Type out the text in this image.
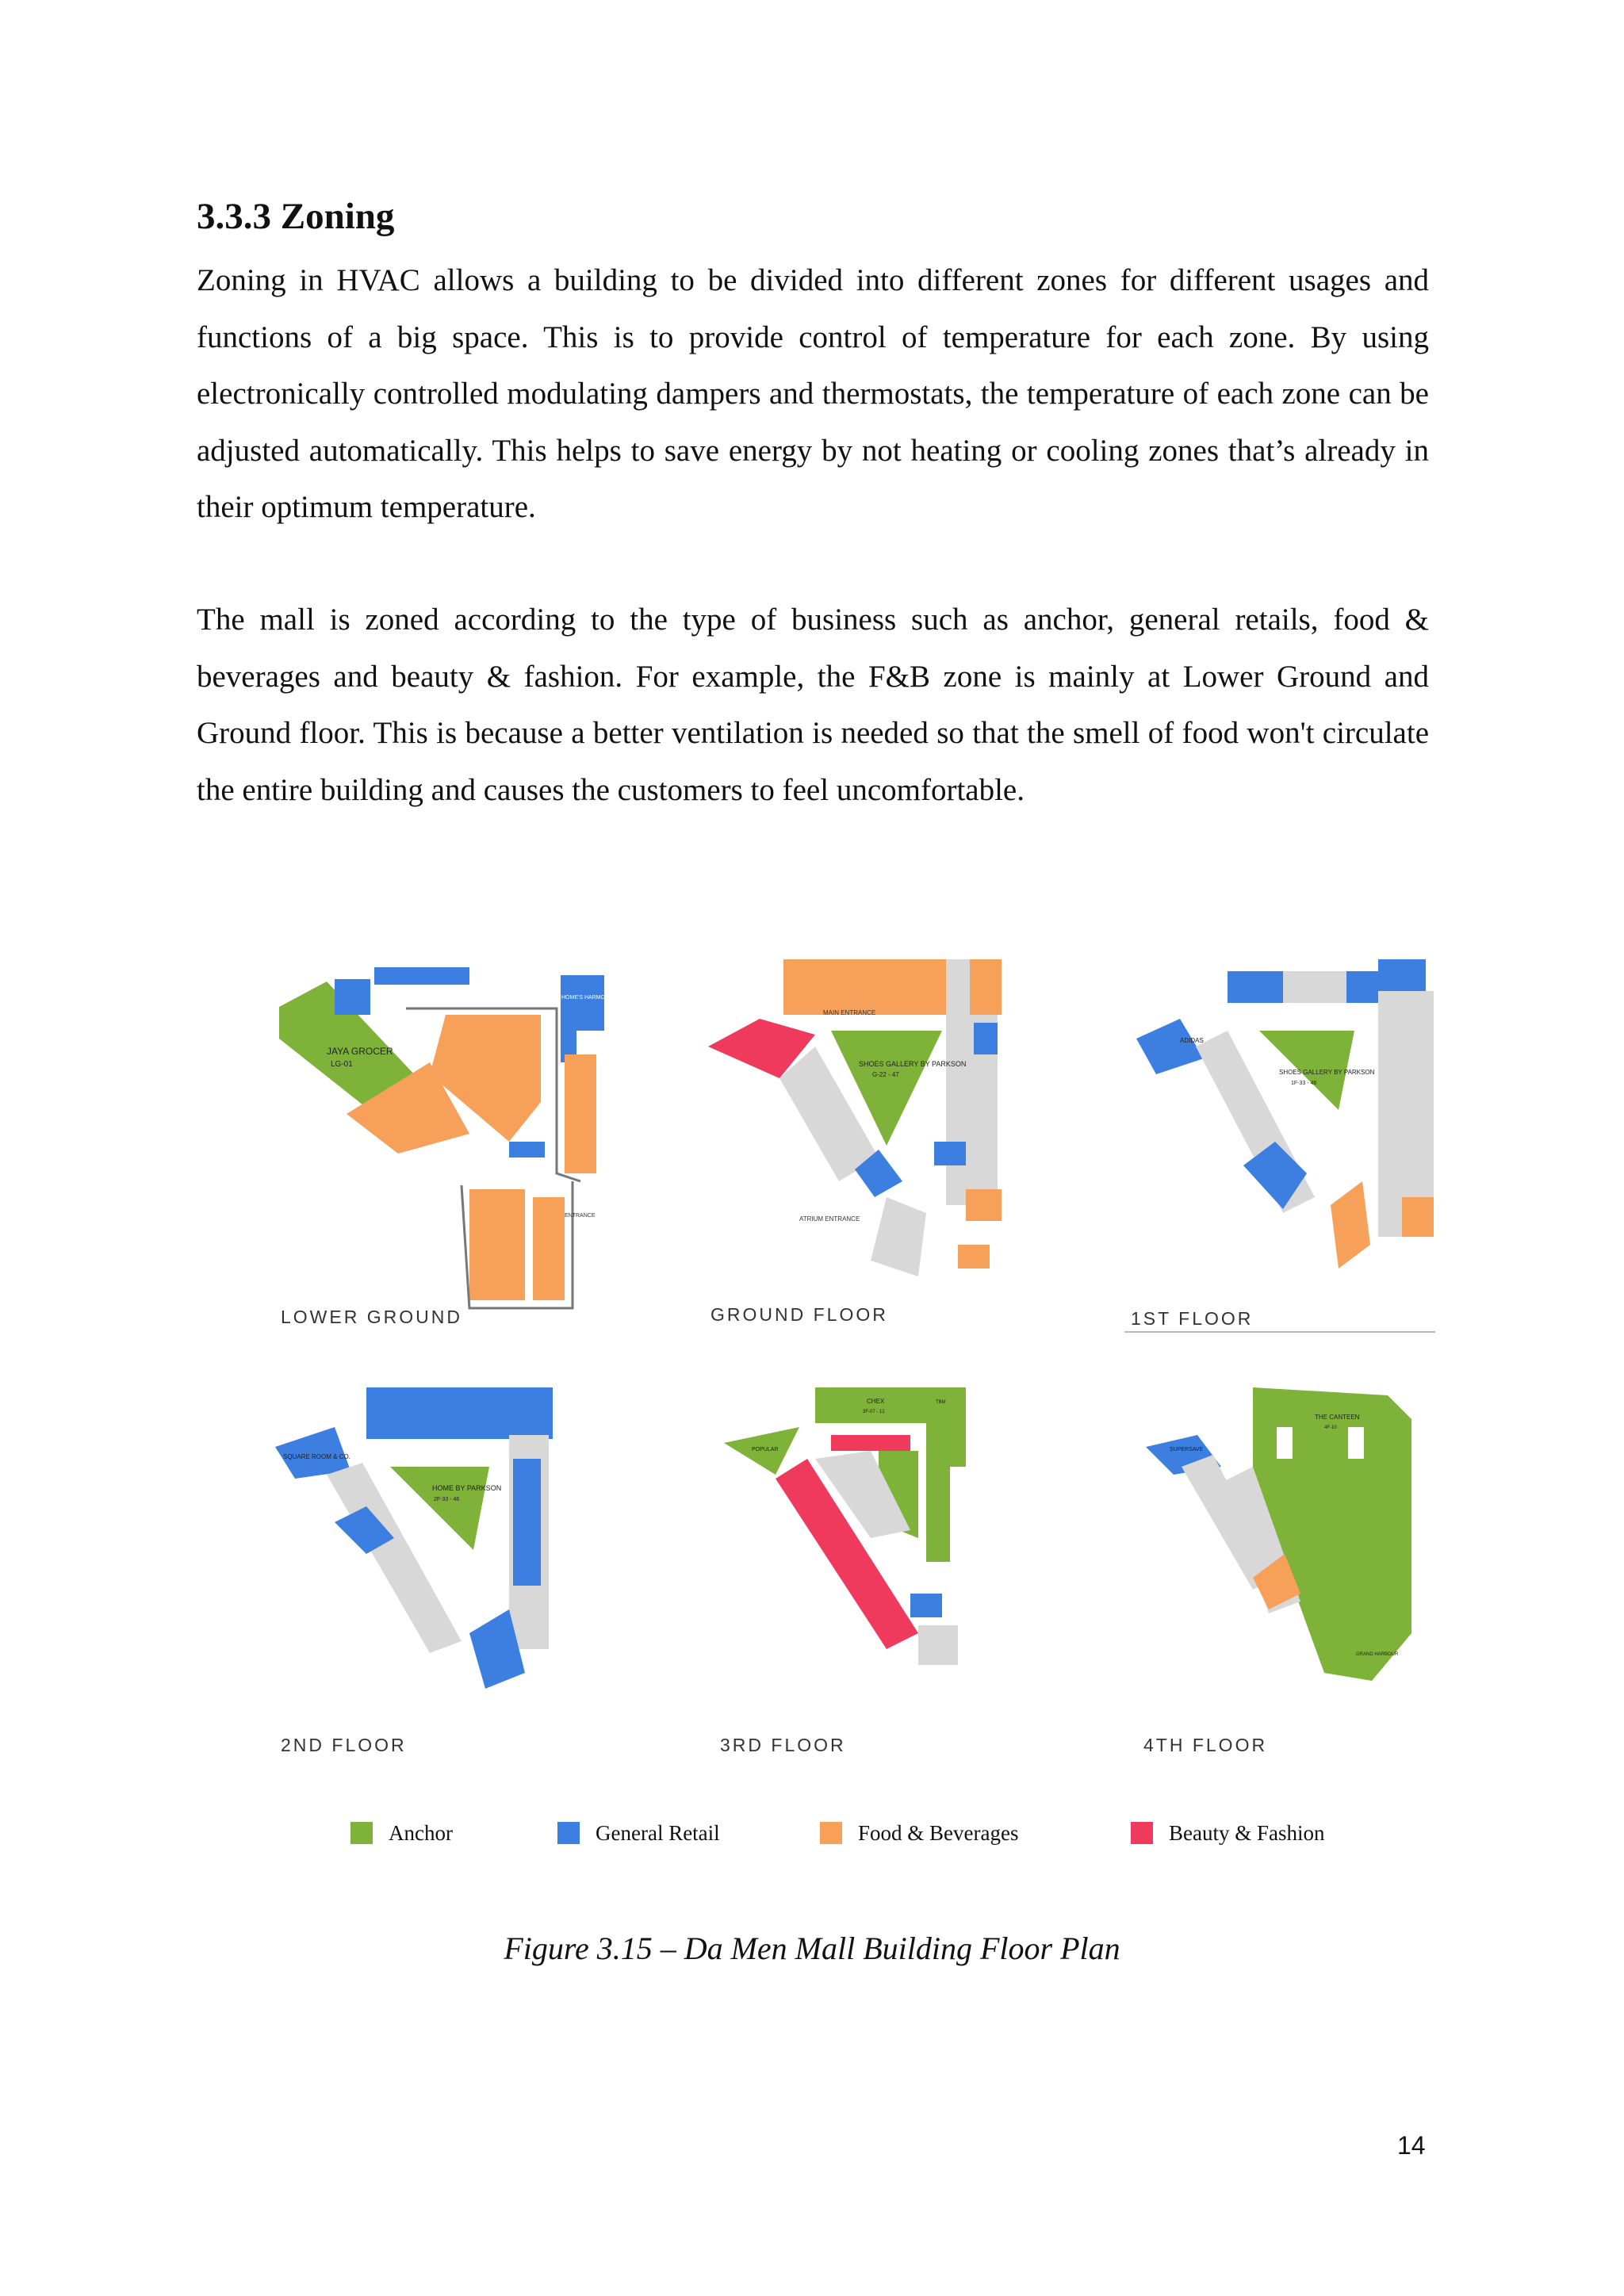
3.3.3 Zoning

Zoning in HVAC allows a building to be divided into different zones for different usages and functions of a big space. This is to provide control of temperature for each zone. By using electronically controlled modulating dampers and thermostats, the temperature of each zone can be adjusted automatically. This helps to save energy by not heating or cooling zones that’s already in their optimum temperature.

The mall is zoned according to the type of business such as anchor, general retails, food & beverages and beauty & fashion. For example, the F&B zone is mainly at Lower Ground and Ground floor. This is because a better ventilation is needed so that the smell of food won't circulate the entire building and causes the customers to feel uncomfortable.

JAYA GROCER
LG-01
HOME'S HARMONY
ENTRANCE
LOWER GROUND
SHOES GALLERY BY PARKSON
G-22 - 47
MAIN ENTRANCE
ATRIUM ENTRANCE
GROUND FLOOR
ADIDAS
SHOES GALLERY BY PARKSON
1F-33 - 46
1ST FLOOR
SQUARE ROOM & CO.
HOME BY PARKSON
2F-33 - 46
2ND FLOOR
CHEX
3F-07 - 12
POPULAR
TBM
3RD FLOOR
THE CANTEEN
4F-10
SUPERSAVE
GRAND HARBOUR
4TH FLOOR
Anchor	General Retail	Food & Beverages	Beauty & Fashion
Figure 3.15 – Da Men Mall Building Floor Plan
14
